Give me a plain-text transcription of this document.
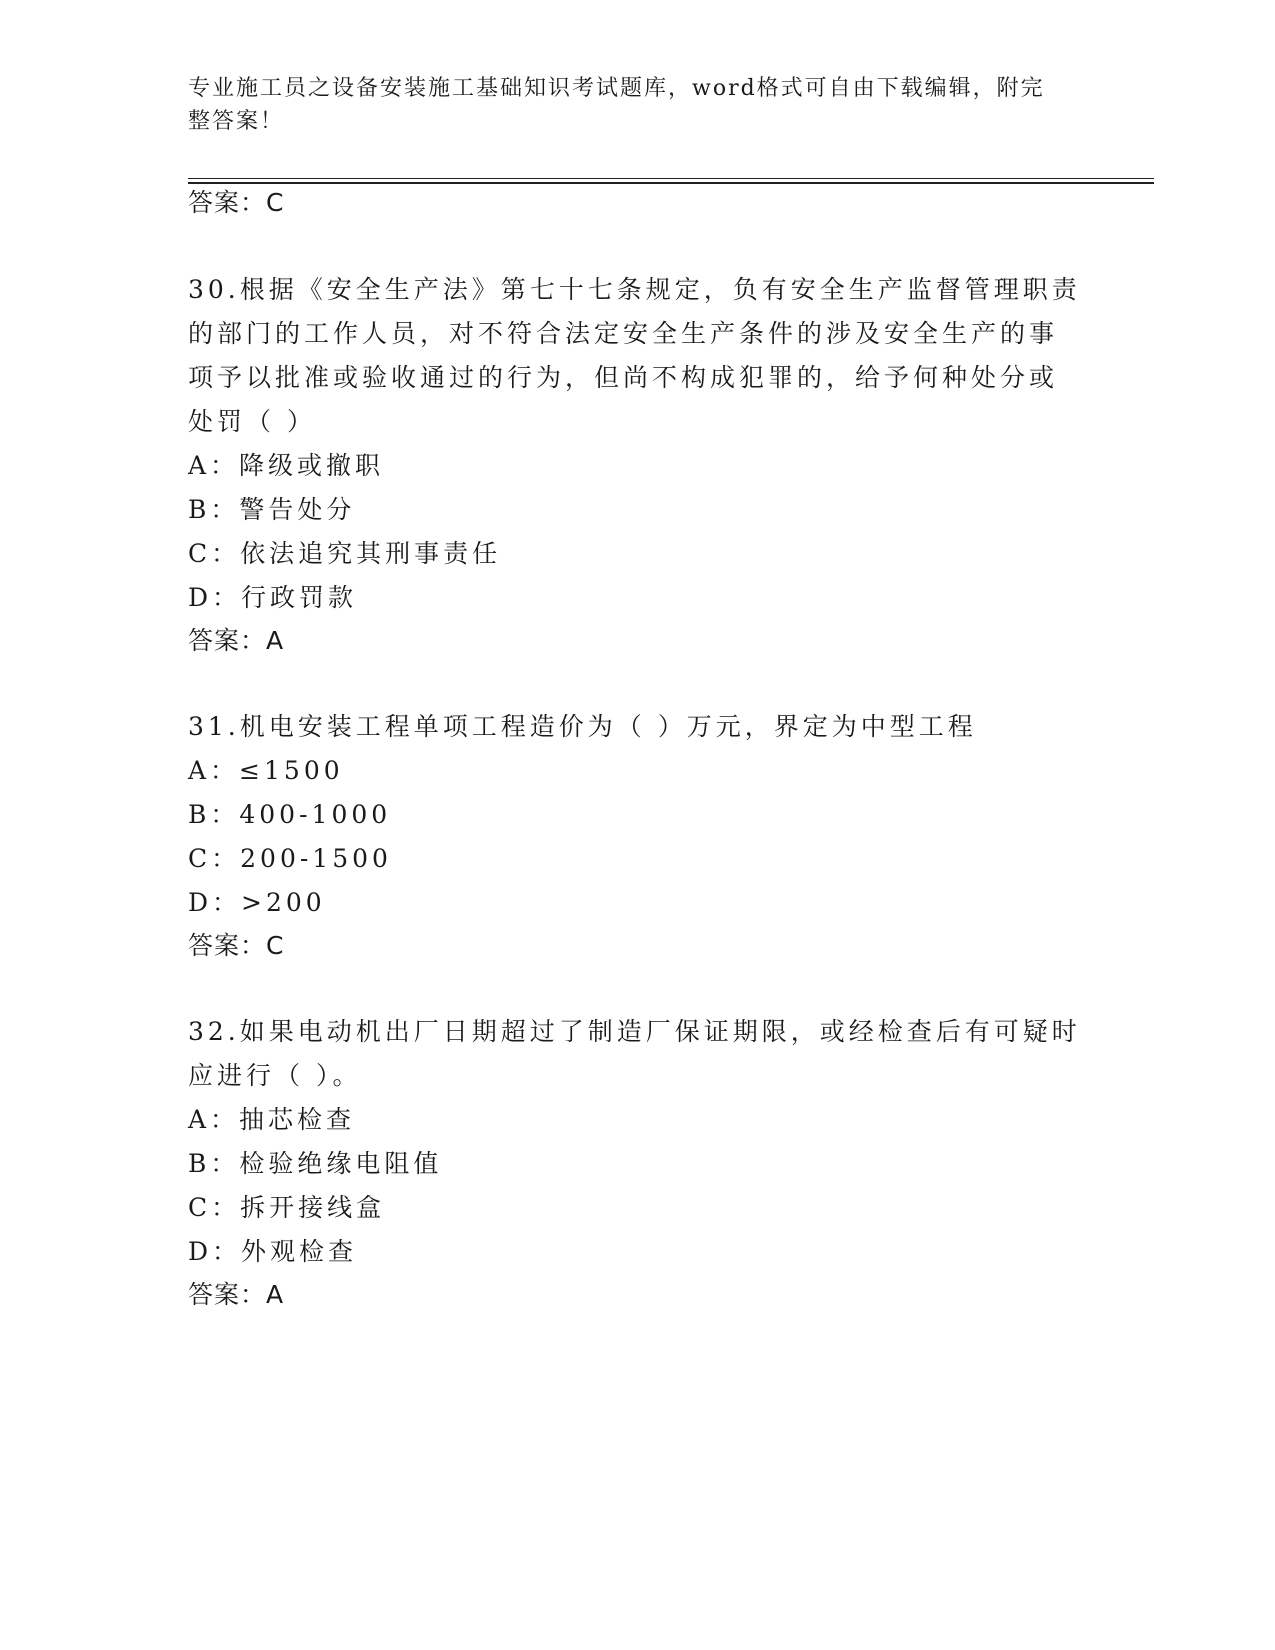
专业施工员之设备安装施工基础知识考试题库，word格式可自由下载编辑，附完
整答案！
答案：C
30.根据《安全生产法》第七十七条规定，负有安全生产监督管理职责
的部门的工作人员，对不符合法定安全生产条件的涉及安全生产的事
项予以批准或验收通过的行为，但尚不构成犯罪的，给予何种处分或
处罚（ ）
A：降级或撤职
B：警告处分
C：依法追究其刑事责任
D：行政罚款
答案：A
31.机电安装工程单项工程造价为（ ）万元，界定为中型工程
A：≤1500
B：400-1000
C：200-1500
D：>200
答案：C
32.如果电动机出厂日期超过了制造厂保证期限，或经检查后有可疑时
应进行（ ）。
A：抽芯检查
B：检验绝缘电阻值
C：拆开接线盒
D：外观检查
答案：A
